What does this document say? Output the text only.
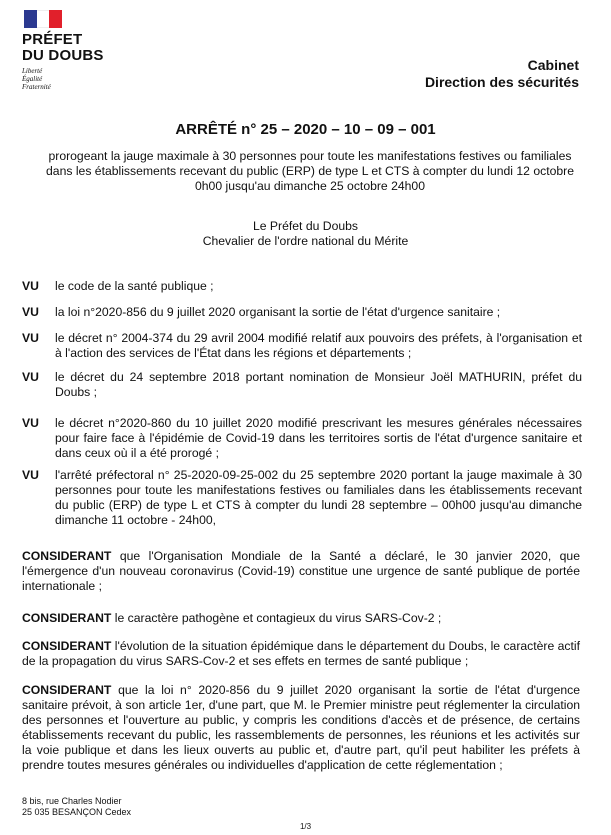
PRÉFET
DU DOUBS
Liberté
Égalité
Fraternité
Cabinet
Direction des sécurités
ARRÊTÉ n° 25 – 2020 – 10 – 09 – 001
prorogeant la jauge maximale à 30 personnes pour toute les manifestations festives ou familiales
dans les établissements recevant du public (ERP) de type L et CTS à compter du lundi 12 octobre
0h00 jusqu'au dimanche 25 octobre 24h00
Le Préfet du Doubs
Chevalier de l'ordre national du Mérite
VU	le code de la santé publique ;
VU	la loi n°2020-856 du 9 juillet 2020 organisant la sortie de l'état d'urgence sanitaire ;
VU	le décret n° 2004-374 du 29 avril 2004 modifié relatif aux pouvoirs des préfets, à l'organisation et à l'action des services de l'État dans les régions et départements ;
VU	le décret du 24 septembre 2018 portant nomination de Monsieur Joël MATHURIN, préfet du Doubs ;
VU	le décret n°2020-860 du 10 juillet 2020 modifié prescrivant les mesures générales nécessaires pour faire face à l'épidémie de Covid-19 dans les territoires sortis de l'état d'urgence sanitaire et dans ceux où il a été prorogé ;
VU	l'arrêté préfectoral n° 25-2020-09-25-002 du 25 septembre 2020 portant la jauge maximale à 30 personnes pour toute les manifestations festives ou familiales dans les établissements recevant du public (ERP) de type L et CTS à compter du lundi 28 septembre – 00h00 jusqu'au dimanche dimanche 11 octobre - 24h00,
CONSIDERANT que l'Organisation Mondiale de la Santé a déclaré, le 30 janvier 2020, que l'émergence d'un nouveau coronavirus (Covid-19) constitue une urgence de santé publique de portée internationale ;
CONSIDERANT le caractère pathogène et contagieux du virus SARS-Cov-2 ;
CONSIDERANT l'évolution de la situation épidémique dans le département du Doubs, le caractère actif de la propagation du virus SARS-Cov-2 et ses effets en termes de santé publique ;
CONSIDERANT que la loi n° 2020-856 du 9 juillet 2020 organisant la sortie de l'état d'urgence sanitaire prévoit, à son article 1er, d'une part, que M. le Premier ministre peut réglementer la circulation des personnes et l'ouverture au public, y compris les conditions d'accès et de présence, de certains établissements recevant du public, les rassemblements de personnes, les réunions et les activités sur la voie publique et dans les lieux ouverts au public et, d'autre part, qu'il peut habiliter les préfets à prendre toutes mesures générales ou individuelles d'application de cette réglementation ;
8 bis, rue Charles Nodier
25 035 BESANÇON Cedex
1/3
